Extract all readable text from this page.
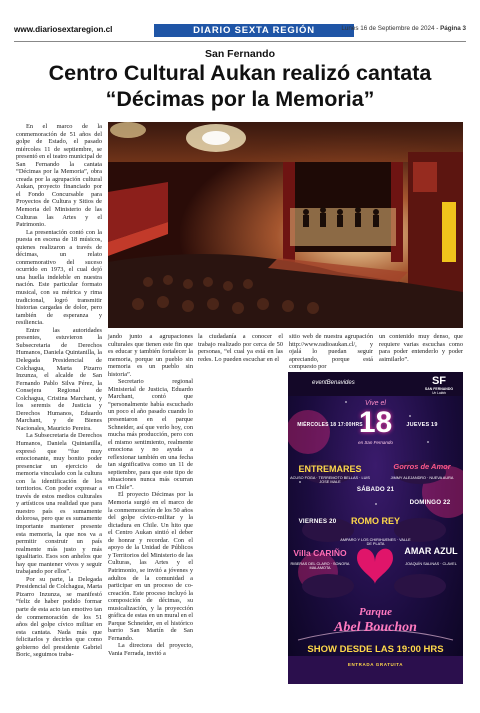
www.diariosextaregion.cl	DIARIO SEXTA REGIÓN	Lunes 16 de Septiembre de 2024 - Página 3
San Fernando
Centro Cultural Aukan realizó cantata
“Décimas por la Memoria”

En el marco de la conmemoración de 51 años del golpe de Estado, el pasado miércoles 11 de septiembre, se presentó en el teatro municipal de San Fernando la cantata “Décimas por la Memoria”, obra creada por la agrupación cultural Aukan, proyecto financiado por el Fondo Concursable para Proyectos de Cultura y Sitios de Memoria del Ministerio de las Culturas las Artes y el Patrimonio.

La presentación contó con la puesta en escena de 18 músicos, quienes realizaron a través de décimas, un relato conmemorativo del suceso ocurrido en 1973, el cual dejó una huella indeleble en nuestra nación. Este particular formato musical, con su métrica y rima tradicional, logró transmitir historias cargadas de dolor, pero también de esperanza y resiliencia.

Entre las autoridades presentes, estuvieron la Subsecretaria de Derechos Humanos, Daniela Quintanilla, la Delegada Presidencial de Colchagua, Marta Pizarro Inzunza, el alcalde de San Fernando Pablo Silva Pérez, la Consejera Regional de Colchagua, Cristina Marchant, y los seremis de Justicia y Derechos Humanos, Eduardo Marchant, y de Bienes Nacionales, Mauricio Pereira.

La Subsecretaria de Derechos Humanos, Daniela Quintanilla, expresó que “fue muy emocionante, muy bonito poder presenciar un ejercicio de memoria vinculado con la cultura con la identificación de los territorios. Con poder expresar a través de estos medios culturales y artísticos una realidad que para nuestro país es sumamente dolorosa, pero que es sumamente importante mantener presente esta memoria, la que nos va a permitir construir un país realmente más justo y más igualitario. Esos son anhelos que hay que mantener vivos y seguir trabajando por ellos”.

Por su parte, la Delegada Presidencial de Colchagua, Marta Pizarro Inzunza, se manifestó “feliz de haber podido formar parte de esta acto tan emotivo tan de conmemoración de los 51 años del golpe cívico militar en esta cantata. Nada más que felicitarlos y decirles que como gobierno del presidente Gabriel Boric, seguimos traba-

jando junto a agrupaciones culturales que tienen este fin que es educar y también fortalecer la memoria, porque un pueblo sin memoria es un pueblo sin historia”.

Secretario regional Ministerial de Justicia, Eduardo Marchant, contó que “personalmente había escuchado un poco el año pasado cuando lo presentaron en el parque Schneider, así que verlo hoy, con mucha más producción, pero con el mismo sentimiento, realmente emociona y no ayuda a reflexionar también en una fecha tan significativa como un 11 de septiembre, para que este tipo de situaciones nunca más ocurran en Chile”.

El proyecto Décimas por la Memoria surgió en el marco de la conmemoración de los 50 años del golpe cívico-militar y la dictadura en Chile. Un hito que el Centro Aukan sintió el deber de honrar y recordar. Con el apoyo de la Unidad de Públicos y Territorios del Ministerio de las Culturas, las Artes y el Patrimonio, se invitó a jóvenes y adultos de la comunidad a participar en un proceso de co-creación. Este proceso incluyó la composición de décimas, su musicalización, y la proyección gráfica de estas en un mural en el Parque Schneider, en el histórico barrio San Martín de San Fernando.

La directora del proyecto, Vania Ferrada, invitó a

la ciudadanía a conocer el trabajo realizado por cerca de 50 personas, “el cual ya está en las redes. Lo pueden escuchar en el

sitio web de nuestra agrupación http://www.radioaukan.cl/, y ojalá lo puedan seguir apreciando, porque está compuesto por

un contenido muy denso, que requiere varias escuchas como para poder entenderlo y poder asimilarlo”.

eventBenavides	SF
SAN FERNANDO
Un Latido
Vive el
18
en San Fernando
MIÉRCOLES 18 17:00HRS
ENTREMARES
ACUSO FOGA · TERREMOTO BELLAS · LUIS JOSE MALE
JUEVES 19
Gorros de Amor
JIMMY ALEJANDRO · NUEVA AURA
SÁBADO 21
ROMO REY
AMPARO Y LOS CHIRIHUENES · VALLE DE PLATA
VIERNES 20
Villa CARIÑO
RIBERAS DEL CLARO · SONORA MALAMOTA
DOMINGO 22
AMAR AZUL
JOAQUÍN SALINAS · CLAVEL
Parque
Abel Bouchon
SHOW DESDE LAS 19:00 HRS
ENTRADA GRATUITA
